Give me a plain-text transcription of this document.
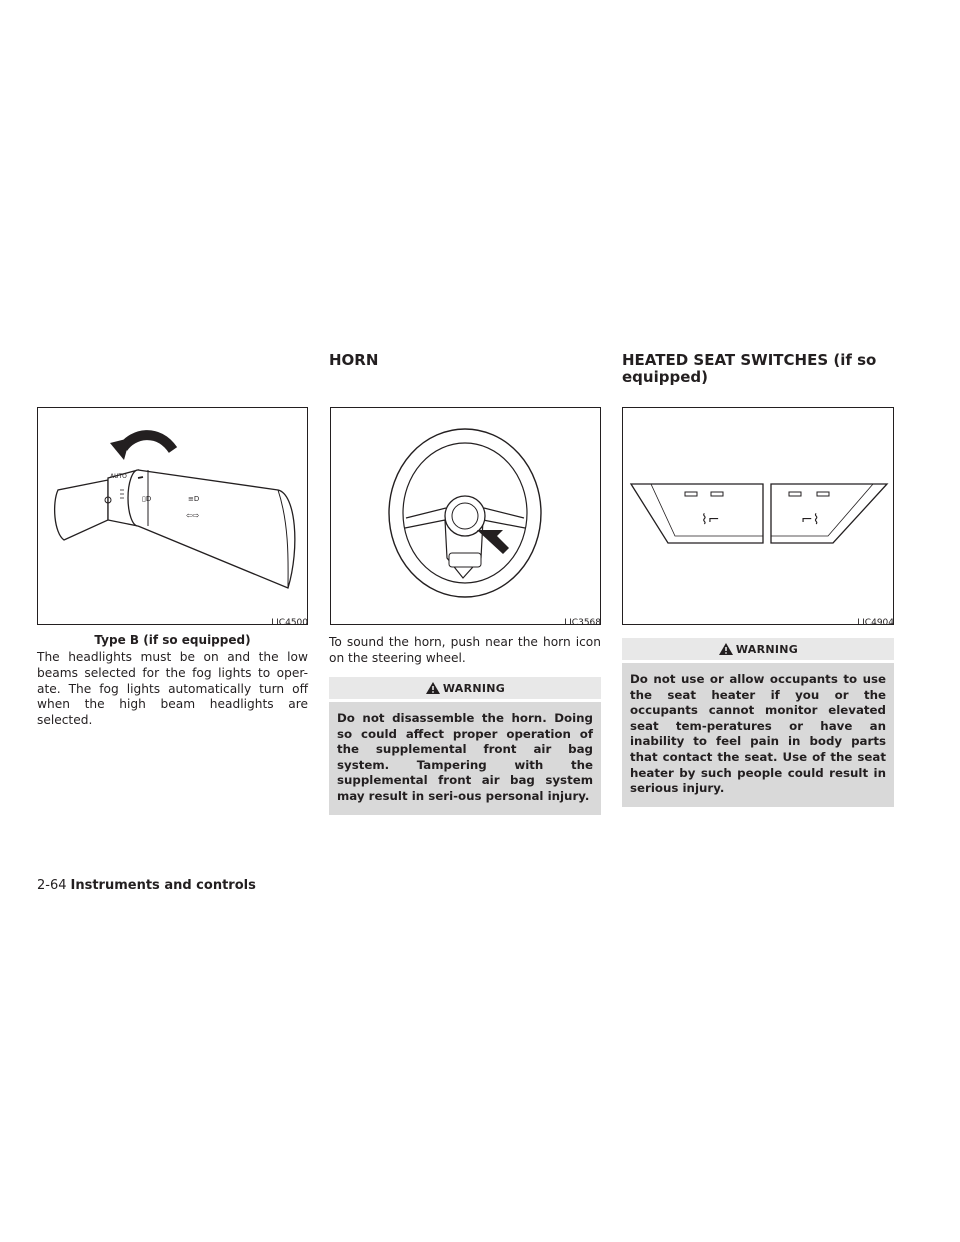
HORN	HEATED SEAT SWITCHES (if so
equipped)
AUTO
▯D	≡D
⇦⇨
LIC4500
Type B (if so equipped)
LIC3568
⌇⌐	⌐⌇
LIC4904

The headlights must be on and the low beams selected for the fog lights to oper-ate. The fog lights automatically turn off when the high beam headlights are selected.

To sound the horn, push near the horn icon on the steering wheel.

WARNING
Do not disassemble the horn. Doing so could affect proper operation of the supplemental front air bag system. Tampering with the supplemental front air bag system may result in seri-ous personal injury.
WARNING
Do not use or allow occupants to use the seat heater if you or the occupants cannot monitor elevated seat tem-peratures or have an inability to feel pain in body parts that contact the seat. Use of the seat heater by such people could result in serious injury.
2-64 Instruments and controls
